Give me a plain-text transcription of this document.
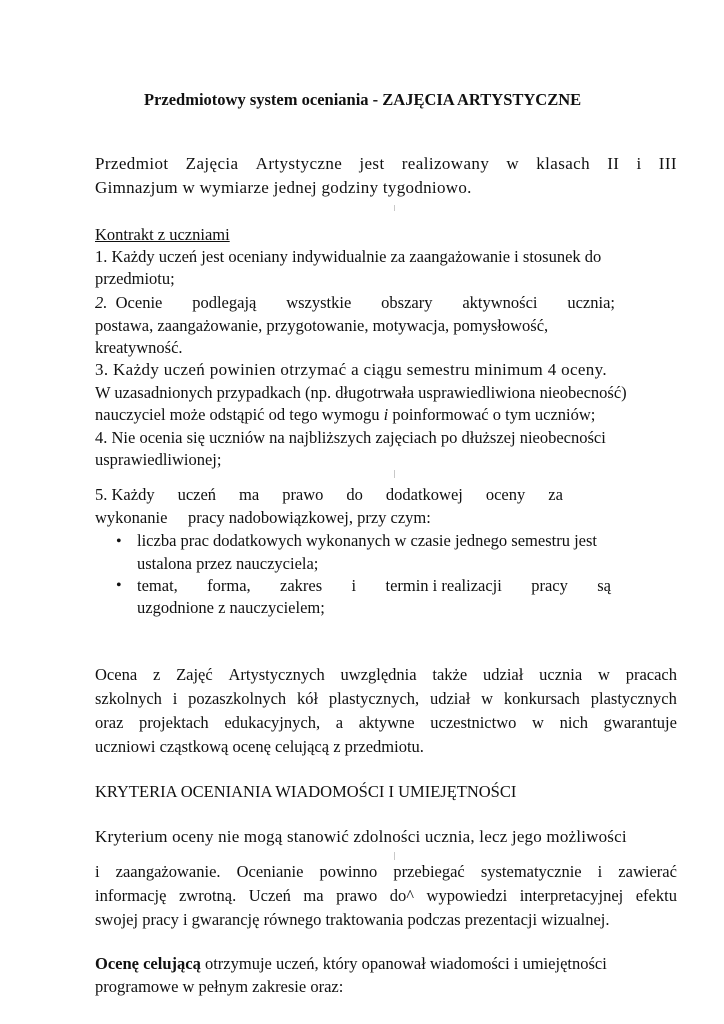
Przedmiotowy system oceniania - ZAJĘCIA ARTYSTYCZNE
Przedmiot Zajęcia Artystyczne jest realizowany w klasach II i III
Gimnazjum w wymiarze jednej godziny tygodniowo.
Kontrakt z uczniami
1. Każdy uczeń jest oceniany indywidualnie za zaangażowanie i stosunek do
przedmiotu;
2. Ocenie podlegają wszystkie obszary aktywności ucznia;
postawa, zaangażowanie, przygotowanie, motywacja, pomysłowość,
kreatywność.
3. Każdy uczeń powinien otrzymać a ciągu semestru minimum 4 oceny.
W uzasadnionych przypadkach (np. długotrwała usprawiedliwiona nieobecność)
nauczyciel może odstąpić od tego wymogu i poinformować o tym uczniów;
4. Nie ocenia się uczniów na najbliższych zajęciach po dłuższej nieobecności
usprawiedliwionej;
5. Każdy uczeń ma prawo do dodatkowej oceny za
wykonanie     pracy nadobowiązkowej, przy czym:
• liczba prac dodatkowych wykonanych w czasie jednego semestru jest
ustalona przez nauczyciela;
• temat, forma, zakres i termin i realizacji pracy są
uzgodnione z nauczycielem;
Ocena z Zajęć Artystycznych uwzględnia także udział ucznia w pracach
szkolnych i pozaszkolnych kół plastycznych, udział w konkursach plastycznych
oraz projektach edukacyjnych, a aktywne uczestnictwo w nich gwarantuje
uczniowi cząstkową ocenę celującą z przedmiotu.
KRYTERIA OCENIANIA WIADOMOŚCI I UMIEJĘTNOŚCI
Kryterium oceny nie mogą stanowić zdolności ucznia, lecz jego możliwości
i zaangażowanie. Ocenianie powinno przebiegać systematycznie i zawierać
informację zwrotną. Uczeń ma prawo do^ wypowiedzi interpretacyjnej efektu
swojej pracy i gwarancję równego traktowania podczas prezentacji wizualnej.
Ocenę celującą otrzymuje uczeń, który opanował wiadomości i umiejętności
programowe w pełnym zakresie oraz:
